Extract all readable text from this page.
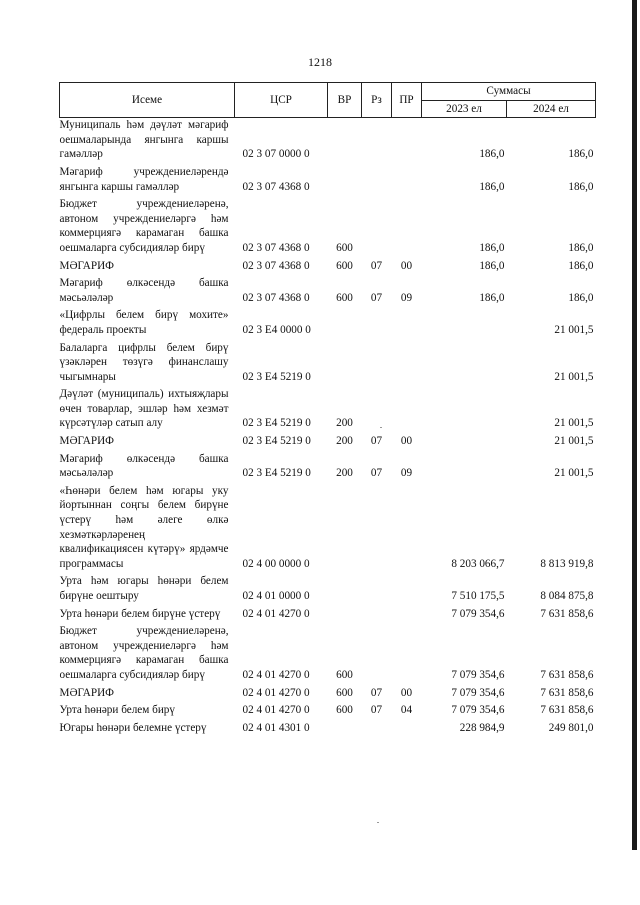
1218
Исеме	ЦСР	ВР	Рз	ПР	Суммасы	
					2023 ел	2024 ел
Муниципаль һәм дәүләт мәгариф оешмаларында янгынга каршы гамәлләр	02 3 07 0000 0				186,0	186,0
Мәгариф учреждениеләрендә янгынга каршы гамәлләр	02 3 07 4368 0				186,0	186,0
Бюджет учреждениеләренә, автоном учреждениеләргә һәм коммерциягә карамаган башка оешмаларга субсидияләр бирү	02 3 07 4368 0	600			186,0	186,0
МӘГАРИФ	02 3 07 4368 0	600	07	00	186,0	186,0
Мәгариф өлкәсендә башка мәсьәләләр	02 3 07 4368 0	600	07	09	186,0	186,0
«Цифрлы белем бирү мохите» федераль проекты	02 3 E4 0000 0					21 001,5
Балаларга цифрлы белем бирү үзәкләрен төзүгә финанслашу чыгымнары	02 3 E4 5219 0					21 001,5
Дәүләт (муниципаль) ихтыяҗлары өчен товарлар, эшләр һәм хезмәт күрсәтүләр сатып алу	02 3 E4 5219 0	200				21 001,5
МӘГАРИФ	02 3 E4 5219 0	200	07	00		21 001,5
Мәгариф өлкәсендә башка мәсьәләләр	02 3 E4 5219 0	200	07	09		21 001,5
«Һөнәри белем һәм югары уку йортыннан соңгы белем бирүне үстерү һәм әлеге өлкә хезмәткәрләренең квалификациясен күтәрү» ярдәмче программасы	02 4 00 0000 0				8 203 066,7	8 813 919,8
Урта һәм югары һөнәри белем бирүне оештыру	02 4 01 0000 0				7 510 175,5	8 084 875,8
Урта һөнәри белем бирүне үстерү	02 4 01 4270 0				7 079 354,6	7 631 858,6
Бюджет учреждениеләренә, автоном учреждениеләргә һәм коммерциягә карамаган башка оешмаларга субсидияләр бирү	02 4 01 4270 0	600			7 079 354,6	7 631 858,6
МӘГАРИФ	02 4 01 4270 0	600	07	00	7 079 354,6	7 631 858,6
Урта һөнәри белем бирү	02 4 01 4270 0	600	07	04	7 079 354,6	7 631 858,6
Югары һөнәри белемне үстерү	02 4 01 4301 0				228 984,9	249 801,0
